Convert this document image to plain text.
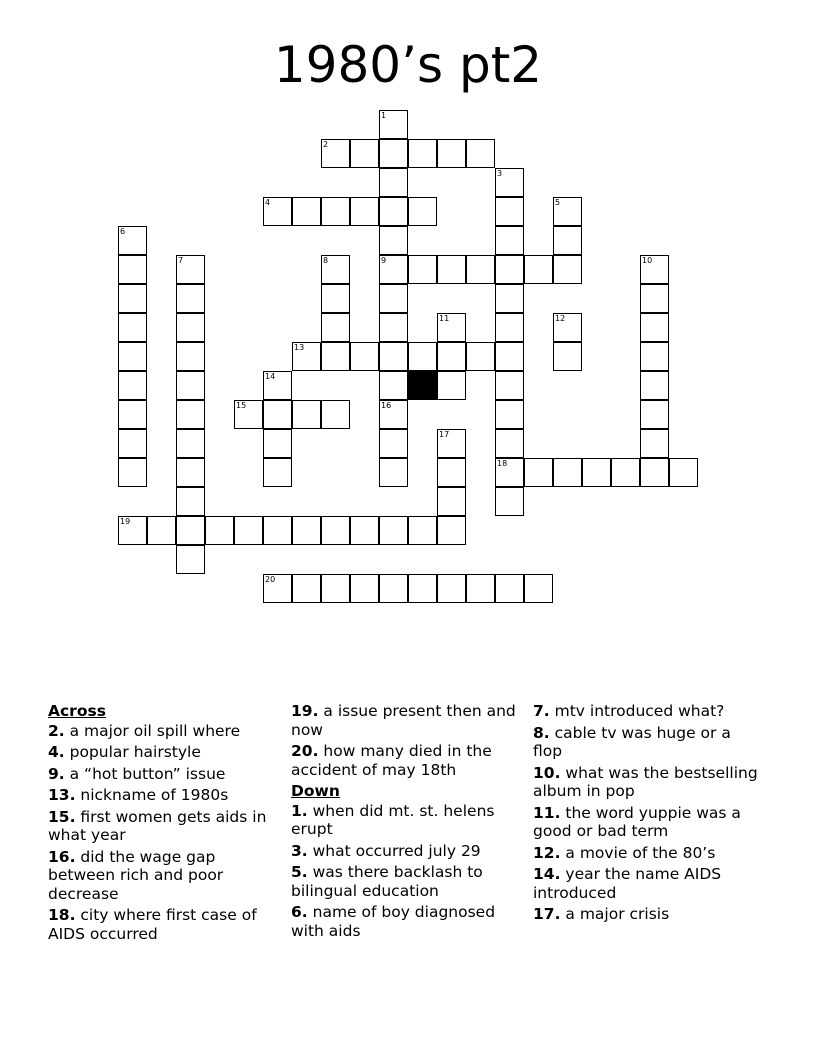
1980’s pt2
1
2
3
4	5
6
7	8	9	10
11	12
13
14
15	16
17
18
19
20
Across
2. a major oil spill where
4. popular hairstyle
9. a “hot button” issue
13. nickname of 1980s
15. first women gets aids in what year
16. did the wage gap between rich and poor decrease
18. city where first case of AIDS occurred
19. a issue present then and now
20. how many died in the accident of may 18th
Down
1. when did mt. st. helens erupt
3. what occurred july 29
5. was there backlash to bilingual education
6. name of boy diagnosed with aids
7. mtv introduced what?
8. cable tv was huge or a flop
10. what was the bestselling album in pop
11. the word yuppie was a good or bad term
12. a movie of the 80’s
14. year the name AIDS introduced
17. a major crisis
